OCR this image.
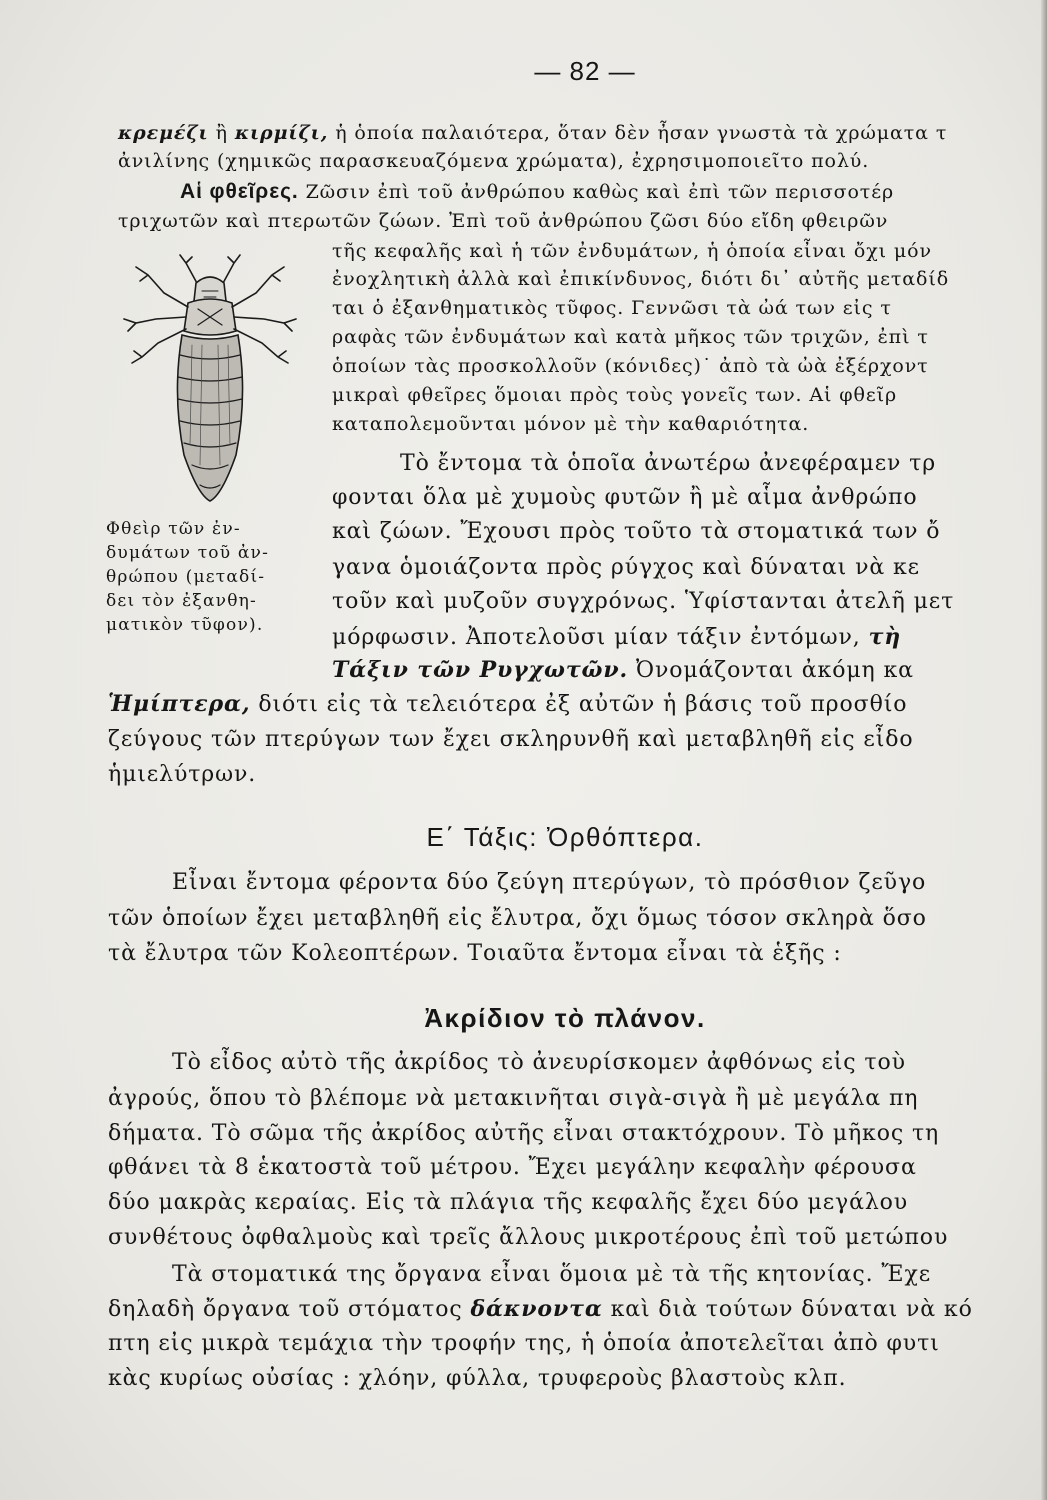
— 82 —
κρεμέζι ἢ κιρμίζι, ἡ ὁποία παλαιότερα, ὅταν δὲν ἦσαν γνωστὰ τὰ χρώματα τ
ἀνιλίνης (χημικῶς παρασκευαζόμενα χρώματα), ἐχρησιμοποιεῖτο πολύ.
Αἱ φθεῖρες. Ζῶσιν ἐπὶ τοῦ ἀνθρώπου καθὼς καὶ ἐπὶ τῶν περισσοτέρ
τριχωτῶν καὶ πτερωτῶν ζώων. Ἐπὶ τοῦ ἀνθρώπου ζῶσι δύο εἴδη φθειρῶν
τῆς κεφαλῆς καὶ ἡ τῶν ἐνδυμάτων, ἡ ὁποία εἶναι ὄχι μόν
ἐνοχλητικὴ ἀλλὰ καὶ ἐπικίνδυνος, διότι δι᾽ αὐτῆς μεταδίδ
ται ὁ ἐξανθηματικὸς τῦφος. Γεννῶσι τὰ ὠά των εἰς τ
ραφὰς τῶν ἐνδυμάτων καὶ κατὰ μῆκος τῶν τριχῶν, ἐπὶ τ
ὁποίων τὰς προσκολλοῦν (κόνιδες)˙ ἀπὸ τὰ ὠὰ ἐξέρχοντ
μικραὶ φθεῖρες ὅμοιαι πρὸς τοὺς γονεῖς των. Αἱ φθεῖρ
καταπολεμοῦνται μόνον μὲ τὴν καθαριότητα.
Φθεὶρ τῶν ἐν-
δυμάτων τοῦ ἀν-
θρώπου (μεταδί-
δει τὸν ἐξανθη-
ματικὸν τῦφον).
Τὸ ἔντομα τὰ ὁποῖα ἀνωτέρω ἀνεφέραμεν τρ
φονται ὅλα μὲ χυμοὺς φυτῶν ἢ μὲ αἷμα ἀνθρώπο
καὶ ζώων. Ἔχουσι πρὸς τοῦτο τὰ στοματικά των ὄ
γανα ὁμοιάζοντα πρὸς ρύγχος καὶ δύναται νὰ κε
τοῦν καὶ μυζοῦν συγχρόνως. Ὑφίστανται ἀτελῆ μετ
μόρφωσιν. Ἀποτελοῦσι μίαν τάξιν ἐντόμων, τὴ
Τάξιν τῶν Ρυγχωτῶν. Ὀνομάζονται ἀκόμη κα
Ἡμίπτερα, διότι εἰς τὰ τελειότερα ἐξ αὐτῶν ἡ βάσις τοῦ προσθίο
ζεύγους τῶν πτερύγων των ἔχει σκληρυνθῆ καὶ μεταβληθῆ εἰς εἶδο
ἡμιελύτρων.
Ε΄ Τάξις: Ὀρθόπτερα.
Εἶναι ἔντομα φέροντα δύο ζεύγη πτερύγων, τὸ πρόσθιον ζεῦγο
τῶν ὁποίων ἔχει μεταβληθῆ εἰς ἔλυτρα, ὄχι ὅμως τόσον σκληρὰ ὅσο
τὰ ἔλυτρα τῶν Κολεοπτέρων. Τοιαῦτα ἔντομα εἶναι τὰ ἑξῆς :
Ἀκρίδιον τὸ πλάνον.
Τὸ εἶδος αὐτὸ τῆς ἀκρίδος τὸ ἀνευρίσκομεν ἀφθόνως εἰς τοὺ
ἀγρούς, ὅπου τὸ βλέπομε νὰ μετακινῆται σιγὰ-σιγὰ ἢ μὲ μεγάλα πη
δήματα. Τὸ σῶμα τῆς ἀκρίδος αὐτῆς εἶναι στακτόχρουν. Τὸ μῆκος τη
φθάνει τὰ 8 ἑκατοστὰ τοῦ μέτρου. Ἔχει μεγάλην κεφαλὴν φέρουσα
δύο μακρὰς κεραίας. Εἰς τὰ πλάγια τῆς κεφαλῆς ἔχει δύο μεγάλου
συνθέτους ὀφθαλμοὺς καὶ τρεῖς ἄλλους μικροτέρους ἐπὶ τοῦ μετώπου
Τὰ στοματικά της ὄργανα εἶναι ὅμοια μὲ τὰ τῆς κητονίας. Ἔχε
δηλαδὴ ὄργανα τοῦ στόματος δάκνοντα καὶ διὰ τούτων δύναται νὰ κό
πτη εἰς μικρὰ τεμάχια τὴν τροφήν της, ἡ ὁποία ἀποτελεῖται ἀπὸ φυτι
κὰς κυρίως οὐσίας : χλόην, φύλλα, τρυφεροὺς βλαστοὺς κλπ.
